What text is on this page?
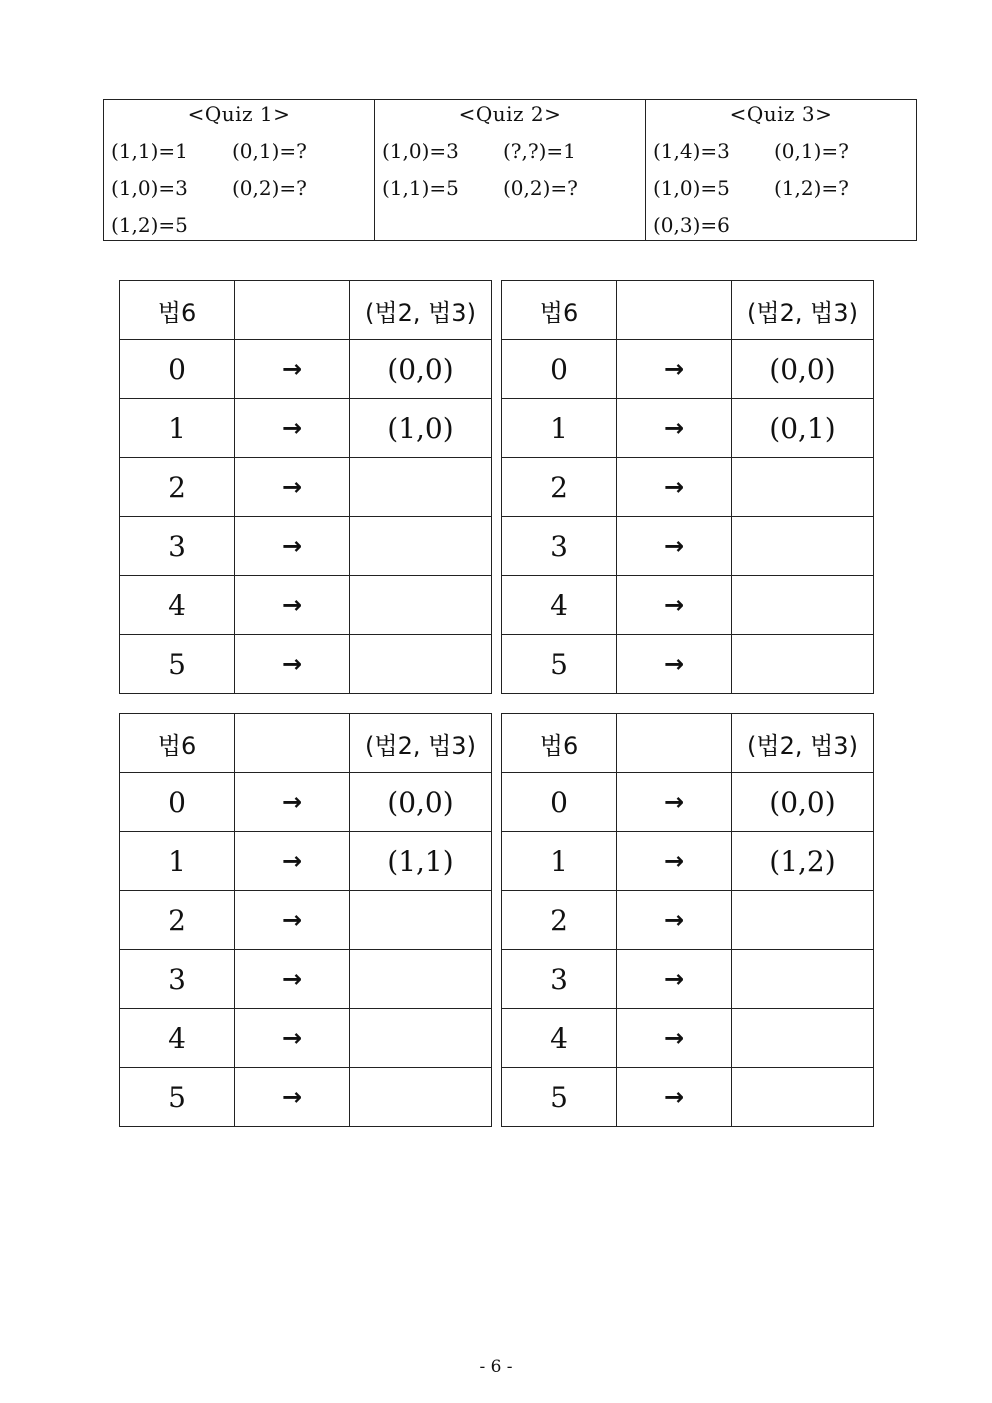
<Quiz 1>
(1,1)=1 (0,1)=?
(1,0)=3 (0,2)=?
(1,2)=5

<Quiz 2>
(1,0)=3 (?,?)=1
(1,1)=5 (0,2)=?

<Quiz 3>
(1,4)=3 (0,1)=?
(1,0)=5 (1,2)=?
(0,3)=6
법6		(법2, 법3)
0	→	(0,0)
1	→	(1,0)
2	→	
3	→	
4	→	
5	→	
법6		(법2, 법3)
0	→	(0,0)
1	→	(0,1)
2	→	
3	→	
4	→	
5	→	
법6		(법2, 법3)
0	→	(0,0)
1	→	(1,1)
2	→	
3	→	
4	→	
5	→	
법6		(법2, 법3)
0	→	(0,0)
1	→	(1,2)
2	→	
3	→	
4	→	
5	→	
- 6 -
